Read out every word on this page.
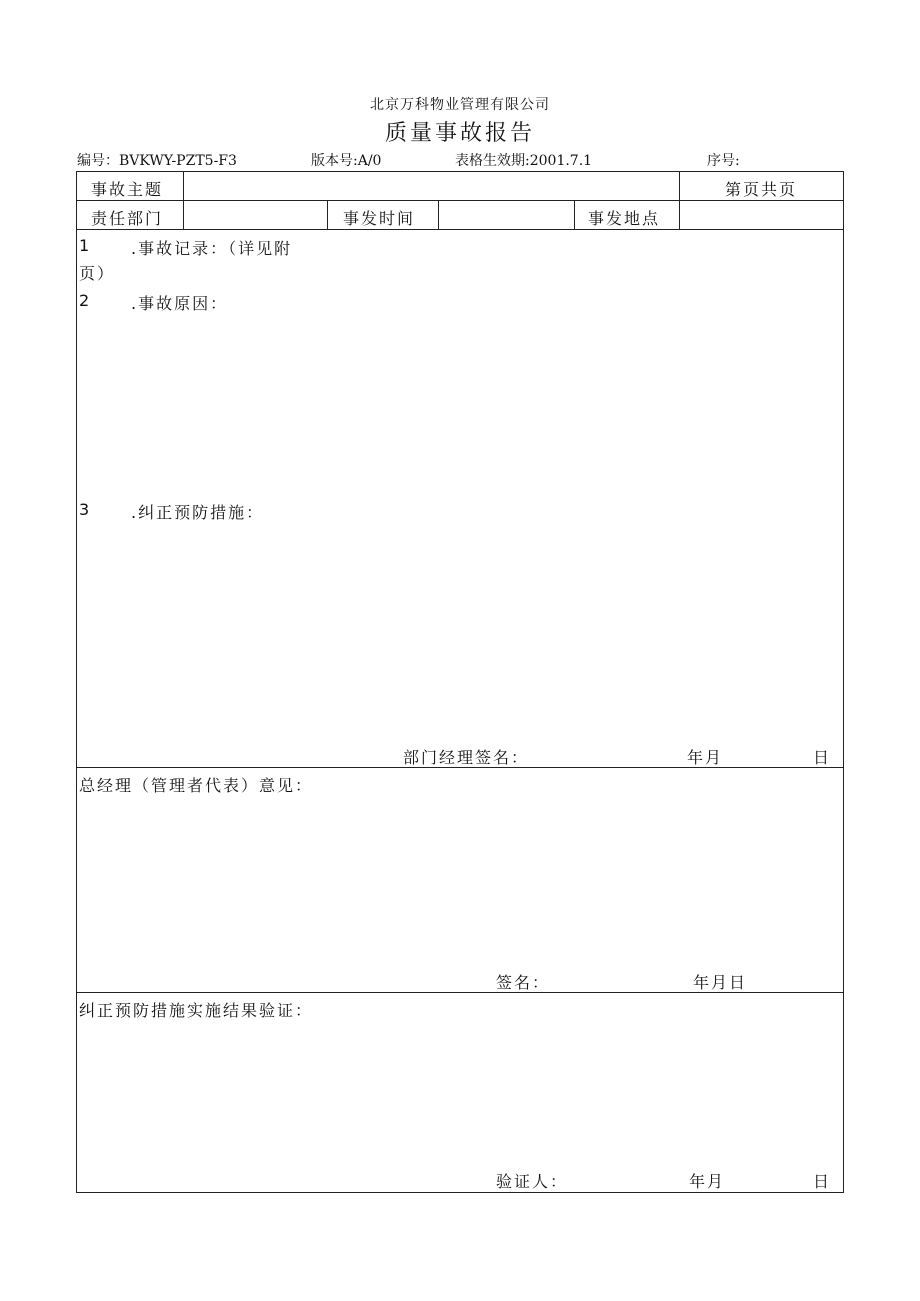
北京万科物业管理有限公司
质量事故报告
编号：BVKWY-PZT5-F3	版本号:A/0	表格生效期:2001.7.1	序号:
事故主题	第页共页
责任部门	事发时间	事发地点
1	.事故记录：（详见附
页）
2	.事故原因：
3	.纠正预防措施：
部门经理签名：	年月	日
总经理（管理者代表）意见：
签名：	年月日
纠正预防措施实施结果验证：
验证人：	年月	日
